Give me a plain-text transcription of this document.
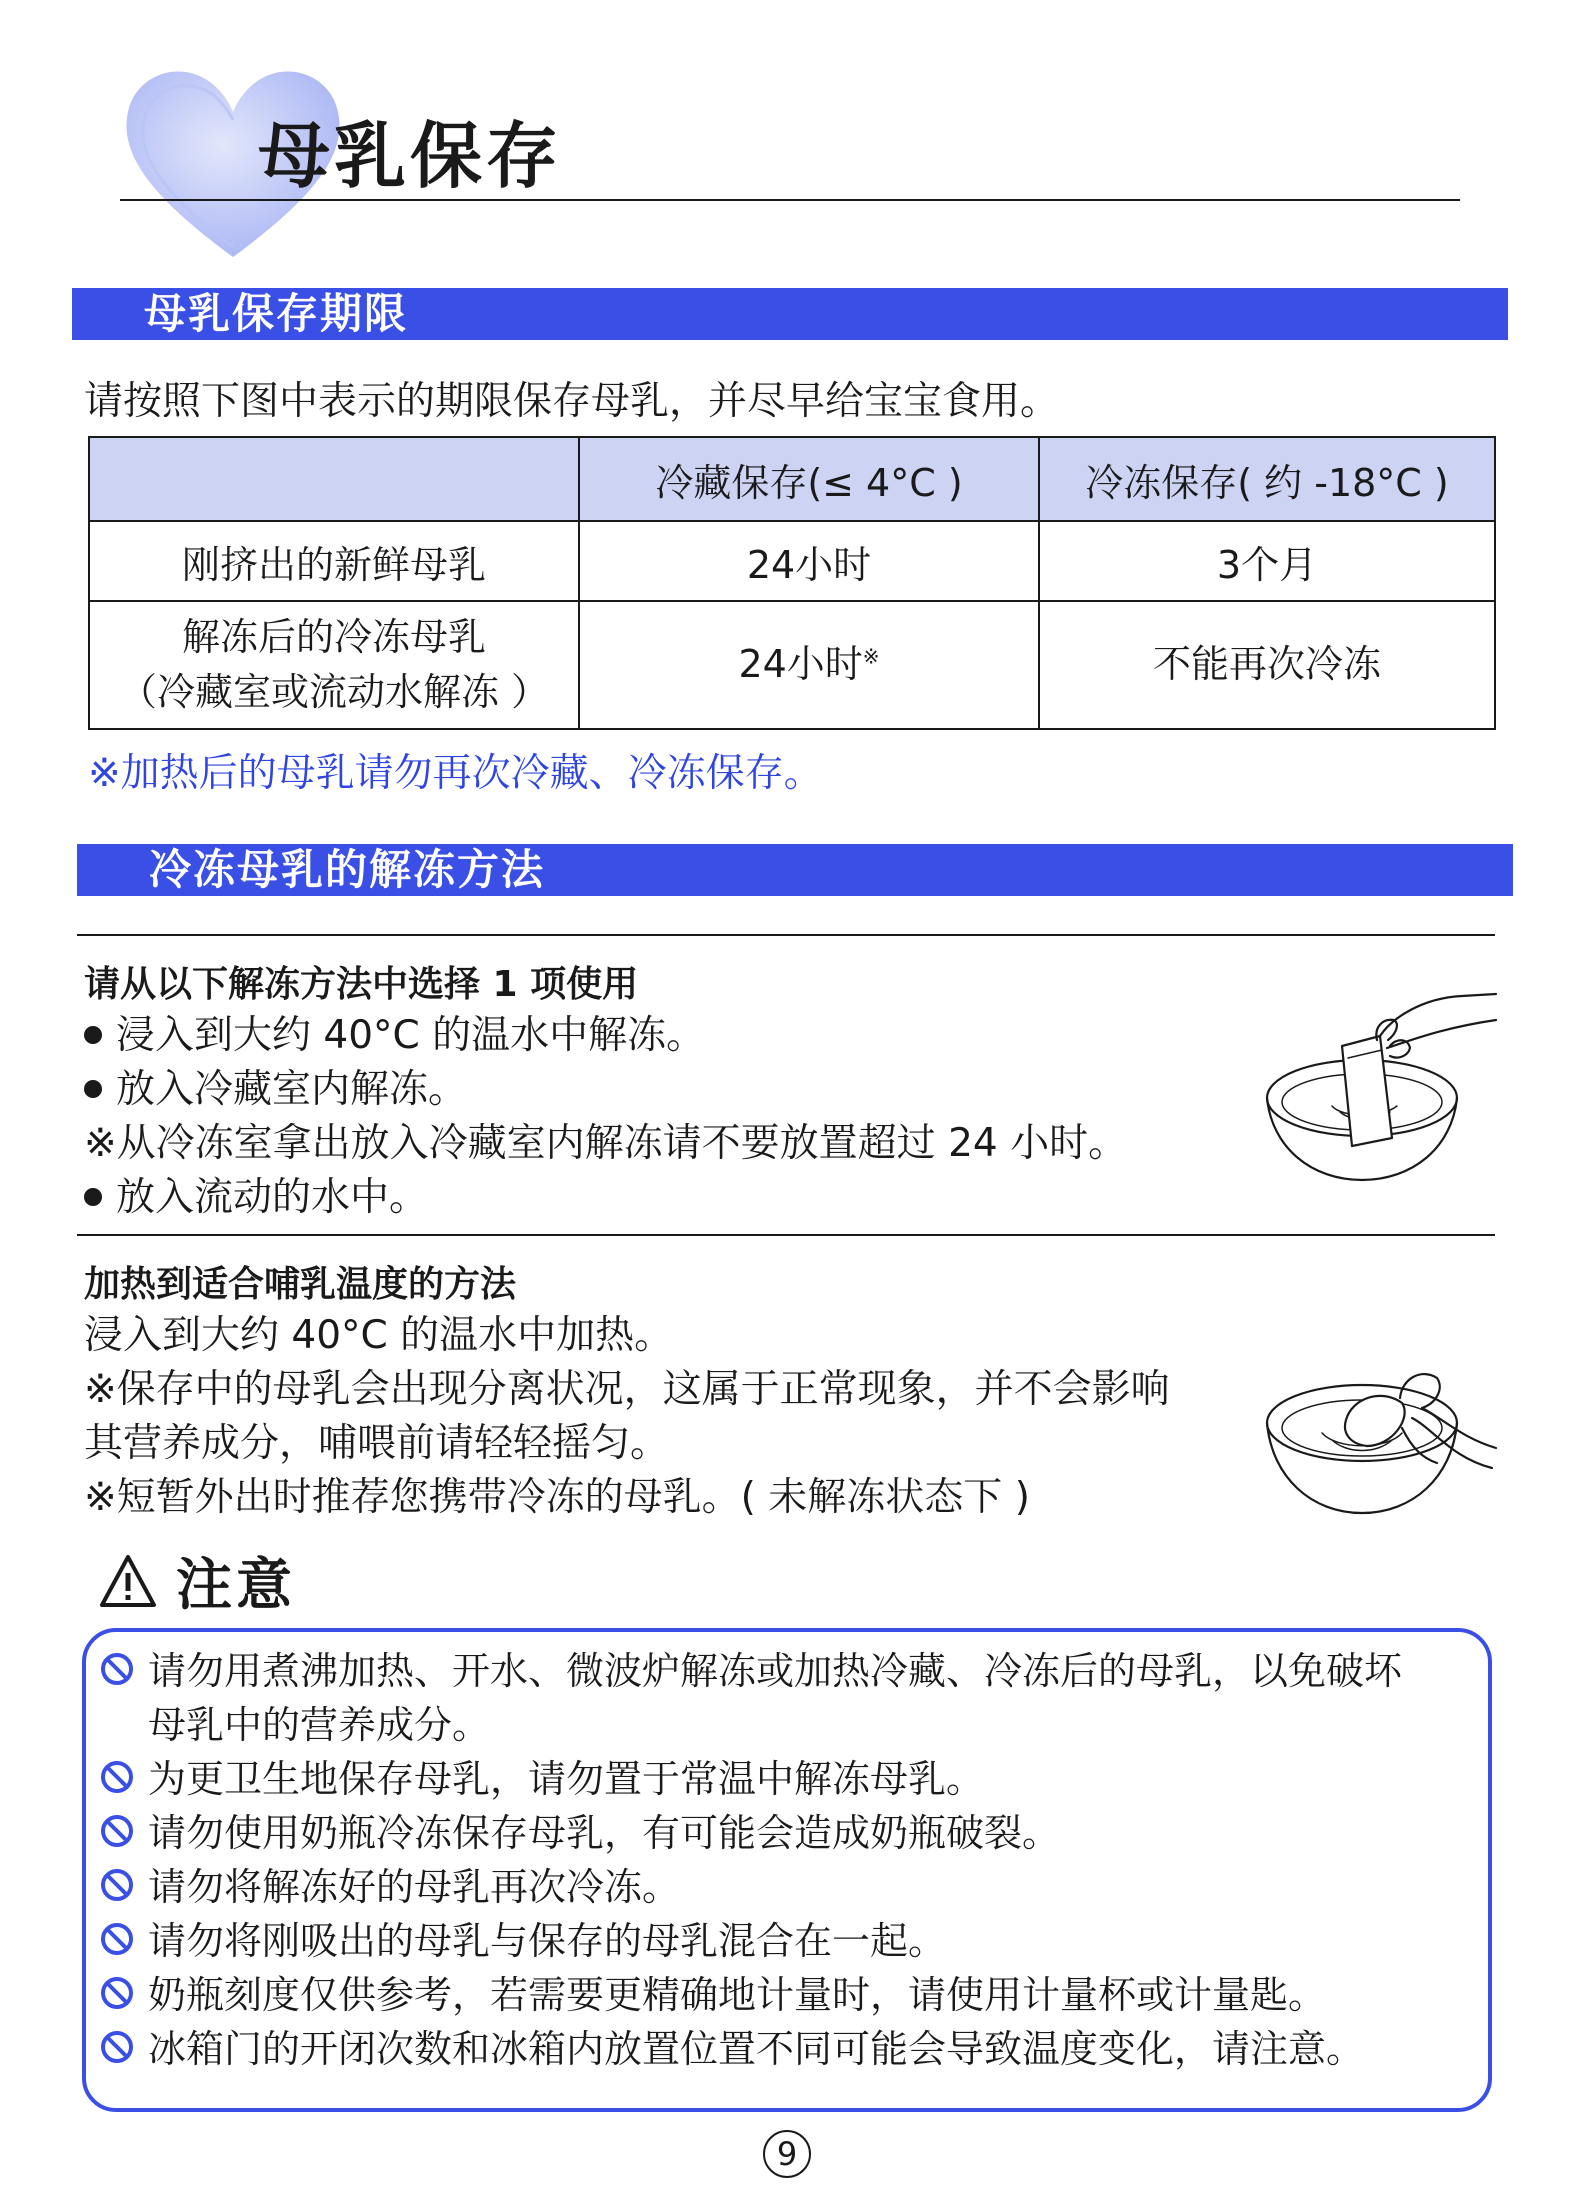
母乳保存
母乳保存期限
请按照下图中表示的期限保存母乳，并尽早给宝宝食用。
	冷藏保存(≤ 4°C )	冷冻保存( 约 -18°C )
刚挤出的新鲜母乳	24小时	3个月

解冻后的冷冻母乳
（冷藏室或流动水解冻 ）	24小时※	不能再次冷冻
※加热后的母乳请勿再次冷藏、冷冻保存。
冷冻母乳的解冻方法
请从以下解冻方法中选择 1 项使用
浸入到大约 40°C 的温水中解冻。
放入冷藏室内解冻。
※从冷冻室拿出放入冷藏室内解冻请不要放置超过 24 小时。
放入流动的水中。
加热到适合哺乳温度的方法
浸入到大约 40°C 的温水中加热。
※保存中的母乳会出现分离状况，这属于正常现象，并不会影响
其营养成分，哺喂前请轻轻摇匀。
※短暂外出时推荐您携带冷冻的母乳。( 未解冻状态下 )
注意
请勿用煮沸加热、开水、微波炉解冻或加热冷藏、冷冻后的母乳，以免破坏
母乳中的营养成分。
为更卫生地保存母乳，请勿置于常温中解冻母乳。
请勿使用奶瓶冷冻保存母乳，有可能会造成奶瓶破裂。
请勿将解冻好的母乳再次冷冻。
请勿将刚吸出的母乳与保存的母乳混合在一起。
奶瓶刻度仅供参考，若需要更精确地计量时，请使用计量杯或计量匙。
冰箱门的开闭次数和冰箱内放置位置不同可能会导致温度变化，请注意。
9
